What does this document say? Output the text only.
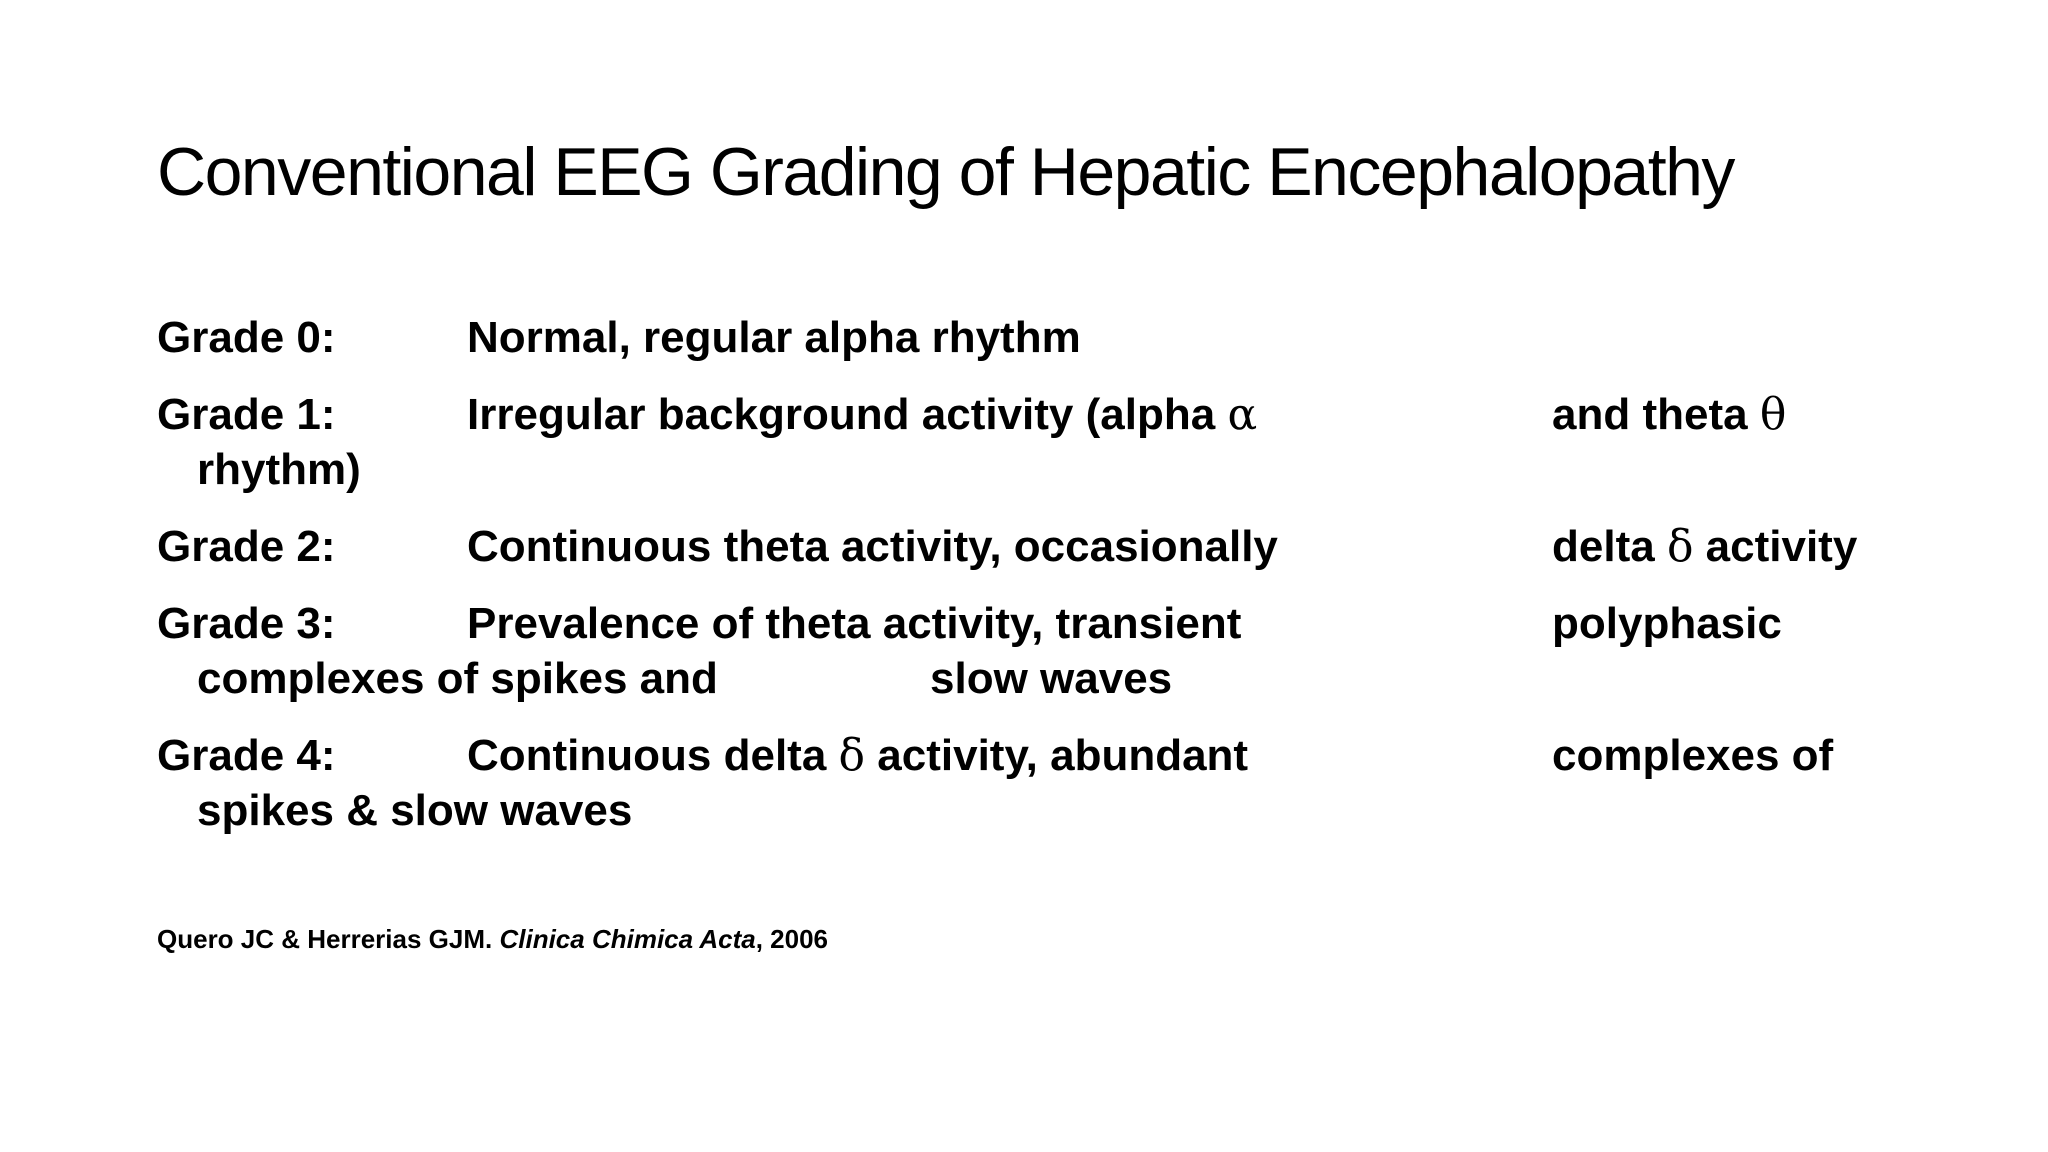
Conventional EEG Grading of Hepatic Encephalopathy
Grade 0:	Normal, regular alpha rhythm
Grade 1:	Irregular background activity (alpha α	and theta θ
rhythm)
Grade 2:	Continuous theta activity, occasionally	delta δ activity
Grade 3:	Prevalence of theta activity, transient	polyphasic
complexes of spikes and	slow waves
Grade 4:	Continuous delta δ activity, abundant	complexes of
spikes & slow waves
Quero JC & Herrerias GJM. Clinica Chimica Acta, 2006
